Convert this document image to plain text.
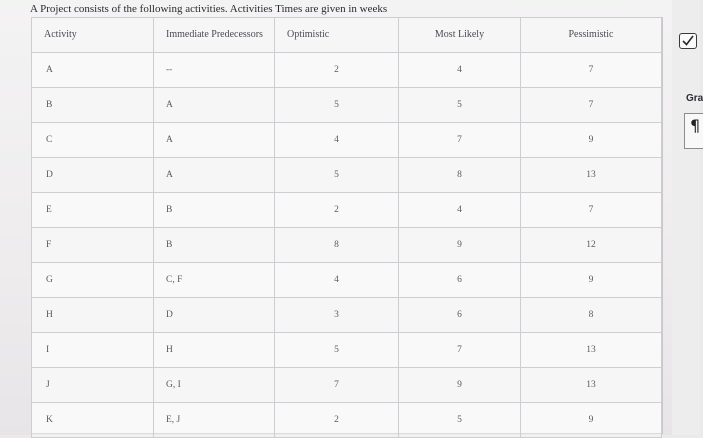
A Project consists of the following activities. Activities Times are given in weeks
Activity	Immediate Predecessors	Optimistic	Most Likely	Pessimistic
A	--	2	4	7
B	A	5	5	7
C	A	4	7	9
D	A	5	8	13
E	B	2	4	7
F	B	8	9	12
G	C, F	4	6	9
H	D	3	6	8
I	H	5	7	13
J	G, I	7	9	13
K	E, J	2	5	9
Gra
¶
